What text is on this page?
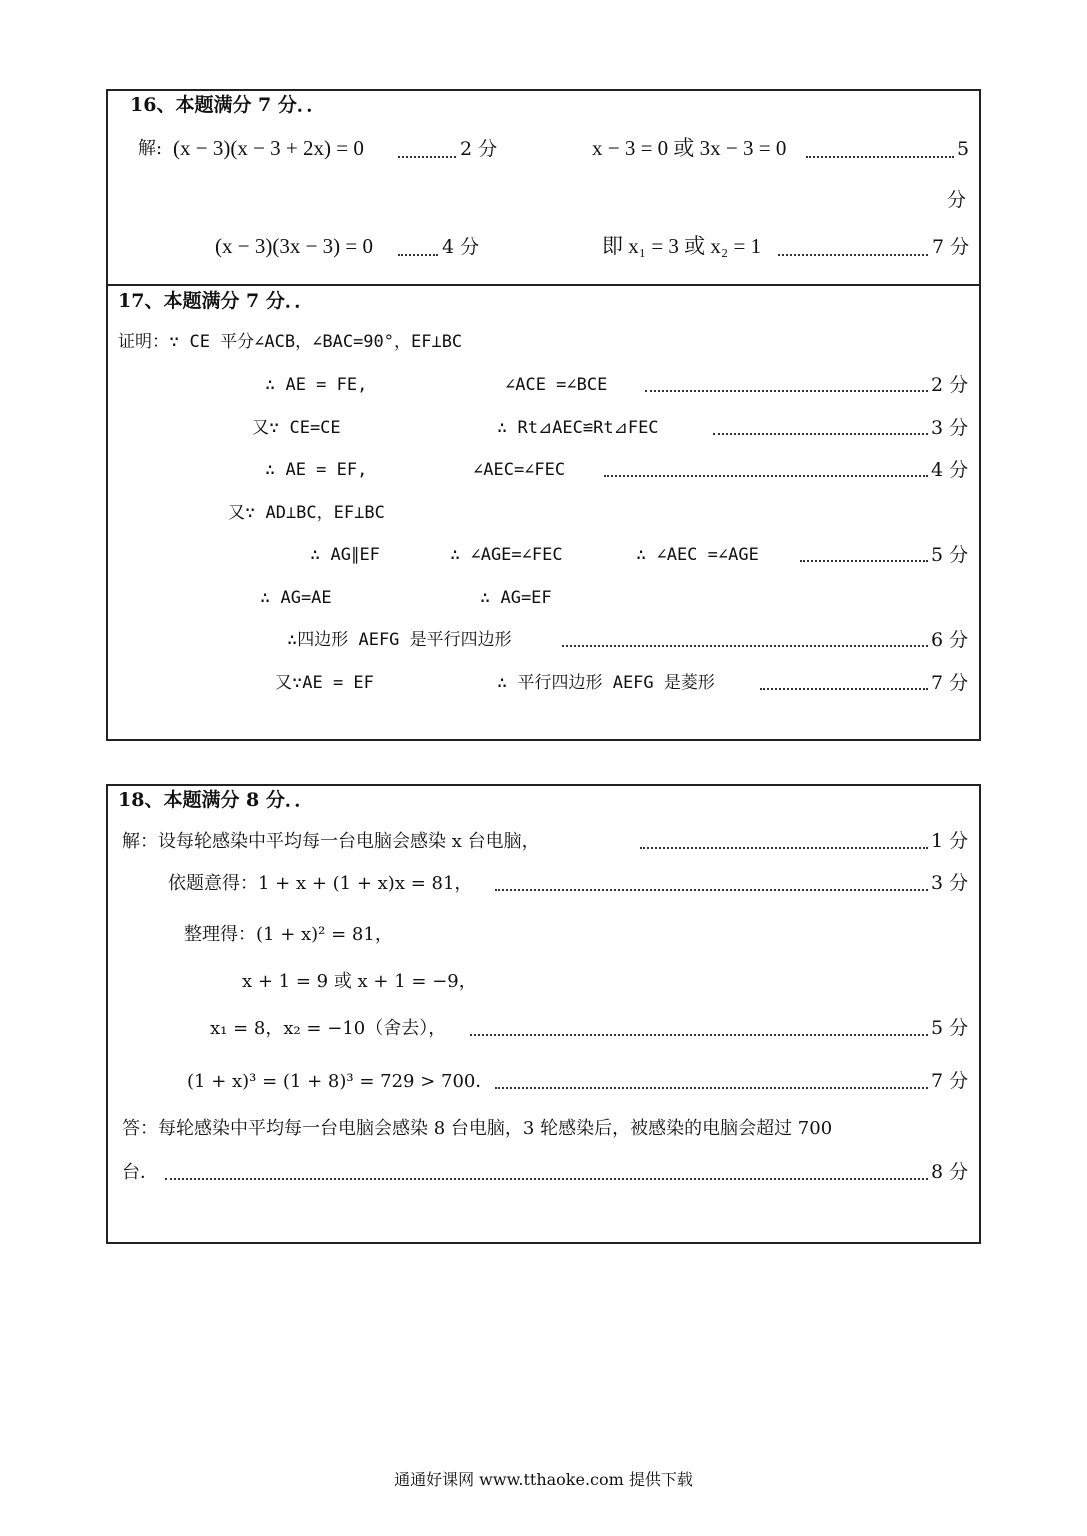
16、本题满分 7 分．．
解: (x − 3)(x − 3 + 2x) = 0	2 分	x − 3 = 0 或 3x − 3 = 0	5
分
(x − 3)(3x − 3) = 0	4 分	即 x₁ = 3 或 x₂ = 1	7 分
17、本题满分 7 分．．
证明：∵ CE 平分∠ACB，∠BAC=90°，EF⊥BC
∴ AE = FE,	∠ACE =∠BCE	2 分
又∵ CE=CE	∴ Rt⊿AEC≌Rt⊿FEC	3 分
∴ AE = EF,	∠AEC=∠FEC	4 分
又∵ AD⊥BC，EF⊥BC
∴ AG∥EF	∴ ∠AGE=∠FEC	∴ ∠AEC =∠AGE	5 分
∴ AG=AE	∴ AG=EF
∴四边形 AEFG 是平行四边形	6 分
又∵AE = EF	∴ 平行四边形 AEFG 是菱形	7 分
18、本题满分 8 分．．
解：设每轮感染中平均每一台电脑会感染 x 台电脑，	1 分
依题意得：1 + x + (1 + x)x = 81，	3 分
整理得：(1 + x)² = 81，
x + 1 = 9 或 x + 1 = −9，
x₁ = 8，x₂ = −10（舍去），	5 分
(1 + x)³ = (1 + 8)³ = 729 > 700．	7 分
答：每轮感染中平均每一台电脑会感染 8 台电脑，3 轮感染后，被感染的电脑会超过 700
台．	8 分
通通好课网 www.tthaoke.com 提供下载
